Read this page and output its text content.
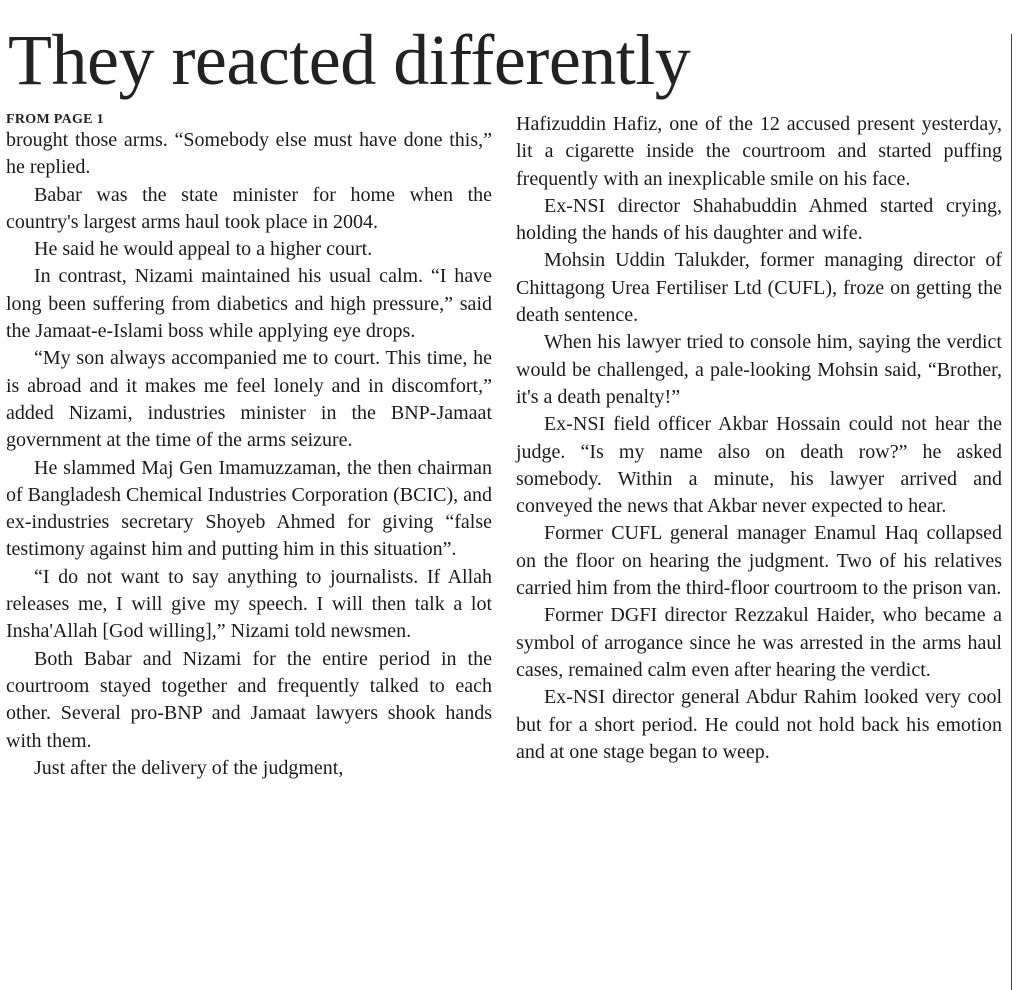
They reacted differently
FROM PAGE 1

brought those arms. “Somebody else must have done this,” he replied.

Babar was the state minister for home when the country's largest arms haul took place in 2004.

He said he would appeal to a higher court.

In contrast, Nizami maintained his usual calm. “I have long been suffering from diabetics and high pressure,” said the Jamaat-e-Islami boss while applying eye drops.

“My son always accompanied me to court. This time, he is abroad and it makes me feel lonely and in discomfort,” added Nizami, industries minister in the BNP-Jamaat government at the time of the arms seizure.

He slammed Maj Gen Imamuzzaman, the then chairman of Bangladesh Chemical Industries Corporation (BCIC), and ex-industries secretary Shoyeb Ahmed for giving “false testimony against him and putting him in this situation”.

“I do not want to say anything to journalists. If Allah releases me, I will give my speech. I will then talk a lot Insha'Allah [God willing],” Nizami told newsmen.

Both Babar and Nizami for the entire period in the courtroom stayed together and frequently talked to each other. Several pro-BNP and Jamaat lawyers shook hands with them.

Just after the delivery of the judgment,

Hafizuddin Hafiz, one of the 12 accused present yesterday, lit a cigarette inside the courtroom and started puffing frequently with an inexplicable smile on his face.

Ex-NSI director Shahabuddin Ahmed started crying, holding the hands of his daughter and wife.

Mohsin Uddin Talukder, former managing director of Chittagong Urea Fertiliser Ltd (CUFL), froze on getting the death sentence.

When his lawyer tried to console him, saying the verdict would be challenged, a pale-looking Mohsin said, “Brother, it's a death penalty!”

Ex-NSI field officer Akbar Hossain could not hear the judge. “Is my name also on death row?” he asked somebody. Within a minute, his lawyer arrived and conveyed the news that Akbar never expected to hear.

Former CUFL general manager Enamul Haq collapsed on the floor on hearing the judgment. Two of his relatives carried him from the third-floor courtroom to the prison van.

Former DGFI director Rezzakul Haider, who became a symbol of arrogance since he was arrested in the arms haul cases, remained calm even after hearing the verdict.

Ex-NSI director general Abdur Rahim looked very cool but for a short period. He could not hold back his emotion and at one stage began to weep.
